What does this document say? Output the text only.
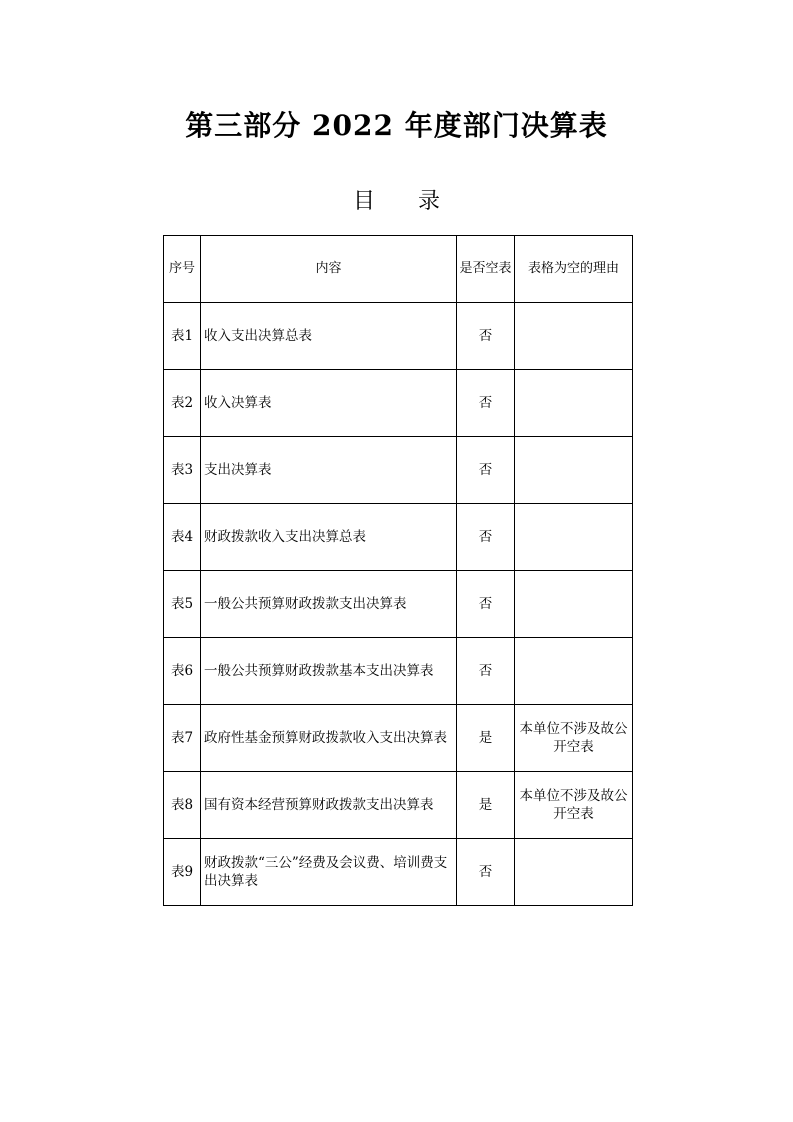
第三部分 2022 年度部门决算表
目 录
序号	内容	是否空表	表格为空的理由
表1	收入支出决算总表	否	
表2	收入决算表	否	
表3	支出决算表	否	
表4	财政拨款收入支出决算总表	否	
表5	一般公共预算财政拨款支出决算表	否	
表6	一般公共预算财政拨款基本支出决算表	否	
表7	政府性基金预算财政拨款收入支出决算表	是	本单位不涉及故公开空表
表8	国有资本经营预算财政拨款支出决算表	是	本单位不涉及故公开空表
表9	财政拨款“三公”经费及会议费、培训费支出决算表	否	
